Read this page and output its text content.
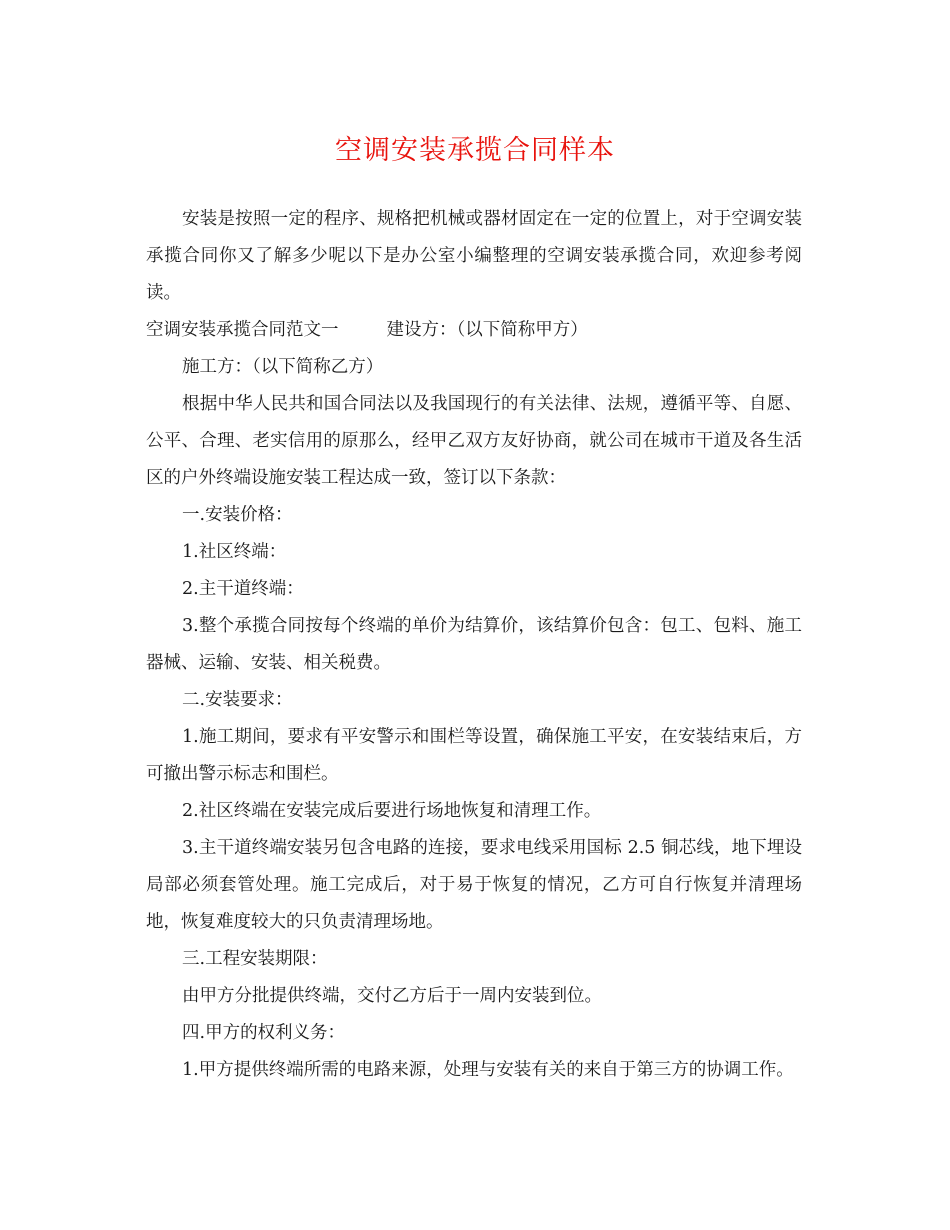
空调安装承揽合同样本

安装是按照一定的程序、规格把机械或器材固定在一定的位置上，对于空调安装承揽合同你又了解多少呢以下是办公室小编整理的空调安装承揽合同，欢迎参考阅读。

空调安装承揽合同范文一	建设方：（以下简称甲方）

施工方：（以下简称乙方）

根据中华人民共和国合同法以及我国现行的有关法律、法规，遵循平等、自愿、公平、合理、老实信用的原那么，经甲乙双方友好协商，就公司在城市干道及各生活区的户外终端设施安装工程达成一致，签订以下条款：

一.安装价格：

1.社区终端：

2.主干道终端：

3.整个承揽合同按每个终端的单价为结算价，该结算价包含：包工、包料、施工器械、运输、安装、相关税费。

二.安装要求：

1.施工期间，要求有平安警示和围栏等设置，确保施工平安，在安装结束后，方可撤出警示标志和围栏。

2.社区终端在安装完成后要进行场地恢复和清理工作。

3.主干道终端安装另包含电路的连接，要求电线采用国标 2.5 铜芯线，地下埋设局部必须套管处理。施工完成后，对于易于恢复的情况，乙方可自行恢复并清理场地，恢复难度较大的只负责清理场地。

三.工程安装期限：

由甲方分批提供终端，交付乙方后于一周内安装到位。

四.甲方的权利义务：

1.甲方提供终端所需的电路来源，处理与安装有关的来自于第三方的协调工作。
